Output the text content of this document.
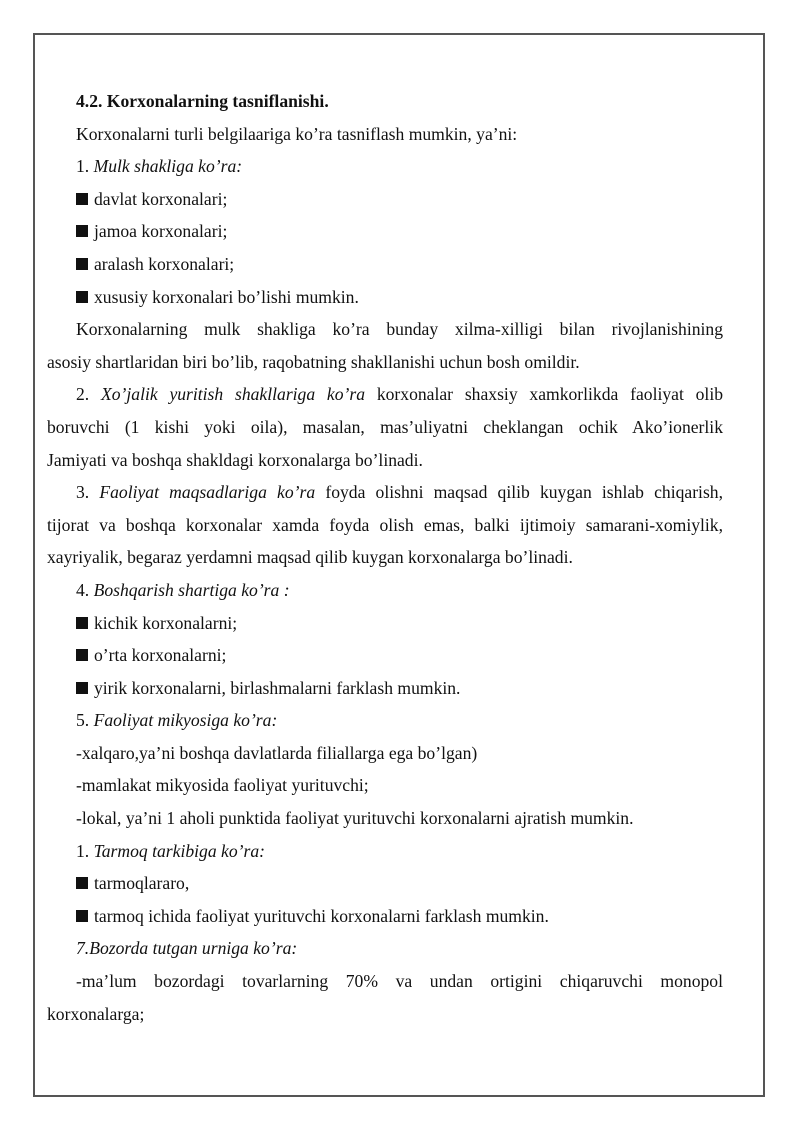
4.2. Korxonalarning tasniflanishi.

Korxonalarni turli belgilaariga ko’ra tasniflash mumkin, ya’ni:

1. Mulk shakliga ko’ra:

davlat korxonalari;

jamoa korxonalari;

aralash korxonalari;

xususiy korxonalari bo’lishi mumkin.

Korxonalarning mulk shakliga ko’ra bunday xilma-xilligi bilan rivojlanishining

asosiy shartlaridan biri bo’lib, raqobatning shakllanishi uchun bosh omildir.

2. Xo’jalik yuritish shakllariga ko’ra korxonalar shaxsiy xamkorlikda faoliyat olib

boruvchi (1 kishi yoki oila), masalan, mas’uliyatni cheklangan ochik Ako’ionerlik

Jamiyati va boshqa shakldagi korxonalarga bo’linadi.

3. Faoliyat maqsadlariga ko’ra foyda olishni maqsad qilib kuygan ishlab chiqarish,

tijorat va boshqa korxonalar xamda foyda olish emas, balki ijtimoiy samarani-xomiylik,

xayriyalik, begaraz yerdamni maqsad qilib kuygan korxonalarga bo’linadi.

4. Boshqarish shartiga ko’ra :

kichik korxonalarni;

o’rta korxonalarni;

yirik korxonalarni, birlashmalarni farklash mumkin.

5. Faoliyat mikyosiga ko’ra:

-xalqaro,ya’ni boshqa davlatlarda filiallarga ega bo’lgan)

-mamlakat mikyosida faoliyat yurituvchi;

-lokal, ya’ni 1 aholi punktida faoliyat yurituvchi korxonalarni ajratish mumkin.

1. Tarmoq tarkibiga ko’ra:

tarmoqlararo,

tarmoq ichida faoliyat yurituvchi korxonalarni farklash mumkin.

7.Bozorda tutgan urniga ko’ra:

-ma’lum bozordagi tovarlarning 70% va undan ortigini chiqaruvchi monopol

korxonalarga;
